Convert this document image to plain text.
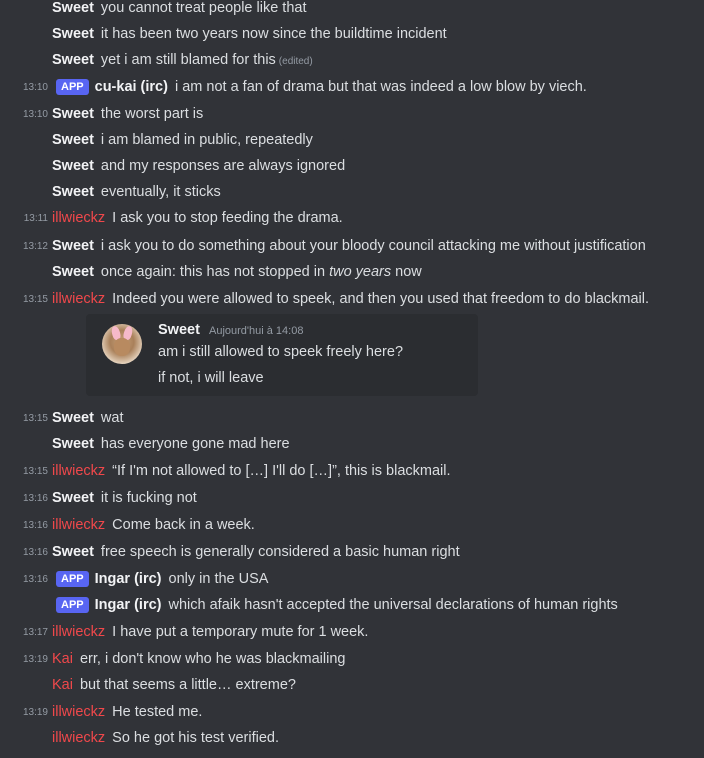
Sweet you cannot treat people like that
Sweet it has been two years now since the buildtime incident
Sweet yet i am still blamed for this (edited)
13:10	APP cu-kai (irc) i am not a fan of drama but that was indeed a low blow by viech.
13:10 Sweet the worst part is
Sweet i am blamed in public, repeatedly
Sweet and my responses are always ignored
Sweet eventually, it sticks
13:11 illwieckz I ask you to stop feeding the drama.
13:12 Sweet i ask you to do something about your bloody council attacking me without justification
Sweet once again: this has not stopped in two years now
13:15 illwieckz Indeed you were allowed to speek, and then you used that freedom to do blackmail.
Sweet Aujourd'hui à 14:08
am i still allowed to speek freely here?
if not, i will leave
13:15 Sweet wat
Sweet has everyone gone mad here
13:15 illwieckz “If I'm not allowed to […] I'll do […]”, this is blackmail.
13:16 Sweet it is fucking not
13:16 illwieckz Come back in a week.
13:16 Sweet free speech is generally considered a basic human right
13:16	APP Ingar (irc) only in the USA
APP Ingar (irc) which afaik hasn't accepted the universal declarations of human rights
13:17 illwieckz I have put a temporary mute for 1 week.
13:19 Kai err, i don't know who he was blackmailing
Kai but that seems a little… extreme?
13:19 illwieckz He tested me.
illwieckz So he got his test verified.
